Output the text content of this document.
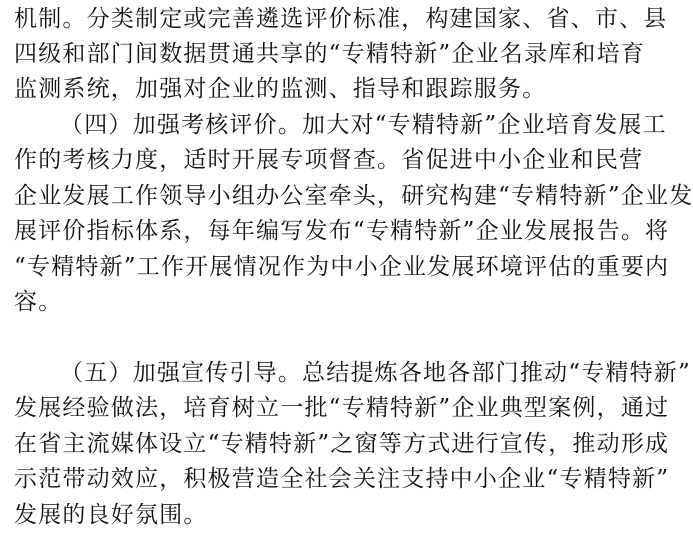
机 制 。 分 类 制 定 或 完 善 遴 选 评 价 标 准 ， 构 建 国 家 、 省 、 市 、 县
四 级 和 部 门 间 数 据 贯 通 共 享 的 “ 专 精 特 新 ” 企 业 名 录 库 和 培 育
监测系统，加强对企业的监测、指导和跟踪服务。
（ 四 ） 加 强 考 核 评 价 。 加 大 对 “ 专 精 特 新 ” 企 业 培 育 发 展 工
作 的 考 核 力 度 ， 适 时 开 展 专 项 督 查 。 省 促 进 中 小 企 业 和 民 营
企 业 发 展 工 作 领 导 小 组 办 公 室 牵 头 ， 研 究 构 建 “ 专 精 特 新 ” 企 业 发
展 评 价 指 标 体 系 ， 每 年 编 写 发 布 “ 专 精 特 新 ” 企 业 发 展 报 告 。 将
“ 专 精 特 新 ” 工 作 开 展 情 况 作 为 中 小 企 业 发 展 环 境 评 估 的 重 要 内
容。
（ 五 ） 加 强 宣 传 引 导 。 总 结 提 炼 各 地 各 部 门 推 动 “ 专 精 特 新 ”
发 展 经 验 做 法 ， 培 育 树 立 一 批 “ 专 精 特 新 ” 企 业 典 型 案 例 ， 通 过
在 省 主 流 媒 体 设 立 “ 专 精 特 新 ” 之 窗 等 方 式 进 行 宣 传 ， 推 动 形 成
示 范 带 动 效 应 ， 积 极 营 造 全 社 会 关 注 支 持 中 小 企 业 “ 专 精 特 新 ”
发展的良好氛围。
